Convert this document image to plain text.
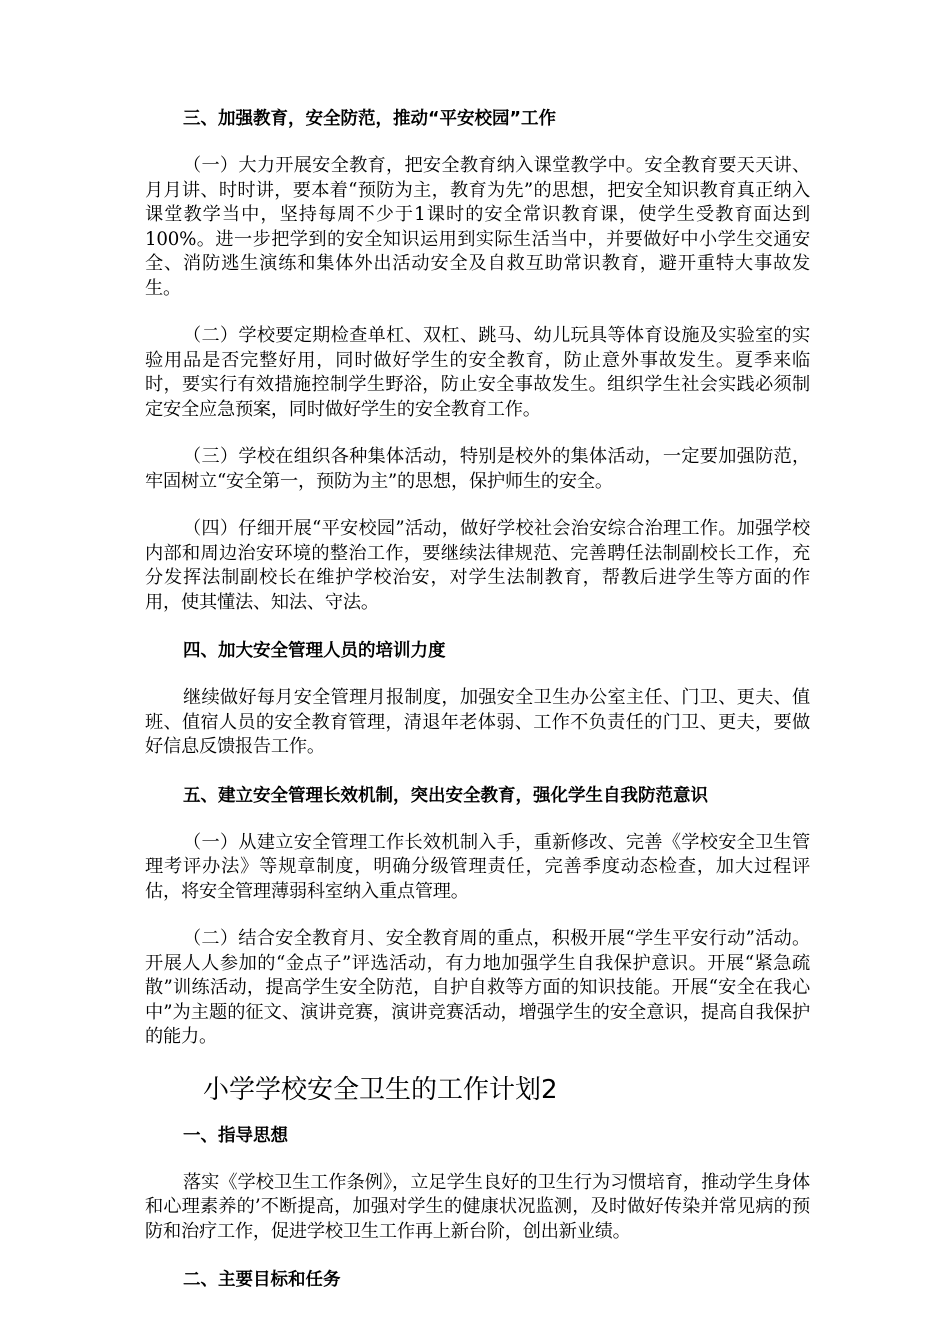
三、加强教育，安全防范，推动“平安校园”工作

（一）大力开展安全教育，把安全教育纳入课堂教学中。安全教育要天天讲、月月讲、时时讲，要本着“预防为主，教育为先”的思想，把安全知识教育真正纳入课堂教学当中，坚持每周不少于1课时的安全常识教育课，使学生受教育面达到100%。进一步把学到的安全知识运用到实际生活当中，并要做好中小学生交通安全、消防逃生演练和集体外出活动安全及自救互助常识教育，避开重特大事故发生。

（二）学校要定期检查单杠、双杠、跳马、幼儿玩具等体育设施及实验室的实验用品是否完整好用，同时做好学生的安全教育，防止意外事故发生。夏季来临时，要实行有效措施控制学生野浴，防止安全事故发生。组织学生社会实践必须制定安全应急预案，同时做好学生的安全教育工作。

（三）学校在组织各种集体活动，特别是校外的集体活动，一定要加强防范，牢固树立“安全第一，预防为主”的思想，保护师生的安全。

（四）仔细开展“平安校园”活动，做好学校社会治安综合治理工作。加强学校内部和周边治安环境的整治工作，要继续法律规范、完善聘任法制副校长工作，充分发挥法制副校长在维护学校治安，对学生法制教育，帮教后进学生等方面的作用，使其懂法、知法、守法。

四、加大安全管理人员的培训力度

继续做好每月安全管理月报制度，加强安全卫生办公室主任、门卫、更夫、值班、值宿人员的安全教育管理，清退年老体弱、工作不负责任的门卫、更夫，要做好信息反馈报告工作。

五、建立安全管理长效机制，突出安全教育，强化学生自我防范意识

（一）从建立安全管理工作长效机制入手，重新修改、完善《学校安全卫生管理考评办法》等规章制度，明确分级管理责任，完善季度动态检查，加大过程评估，将安全管理薄弱科室纳入重点管理。

（二）结合安全教育月、安全教育周的重点，积极开展“学生平安行动”活动。开展人人参加的“金点子”评选活动，有力地加强学生自我保护意识。开展“紧急疏散”训练活动，提高学生安全防范，自护自救等方面的知识技能。开展“安全在我心中”为主题的征文、演讲竞赛，演讲竞赛活动，增强学生的安全意识，提高自我保护的能力。

小学学校安全卫生的工作计划2
一、指导思想

落实《学校卫生工作条例》，立足学生良好的卫生行为习惯培育，推动学生身体和心理素养的’不断提高，加强对学生的健康状况监测，及时做好传染并常见病的预防和治疗工作，促进学校卫生工作再上新台阶，创出新业绩。

二、主要目标和任务
